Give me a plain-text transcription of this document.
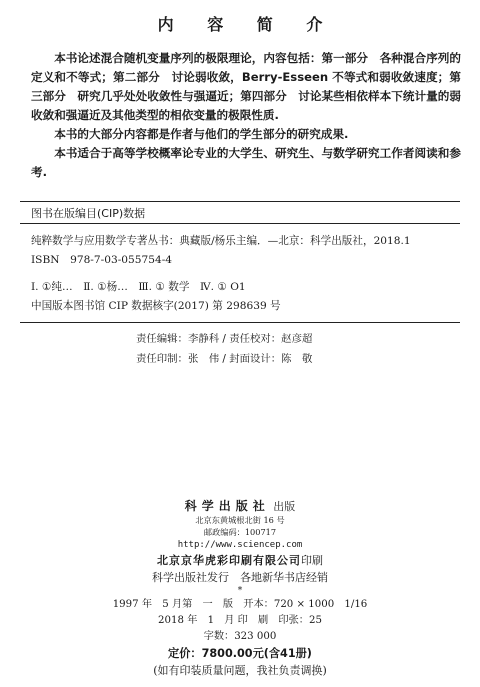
内 容 简 介

本书论述混合随机变量序列的极限理论，内容包括：第一部分　各种混合序列的定义和不等式；第二部分　讨论弱收敛，Berry-Esseen 不等式和弱收敛速度；第三部分　研究几乎处处收敛性与强逼近；第四部分　讨论某些相依样本下统计量的弱收敛和强逼近及其他类型的相依变量的极限性质.

本书的大部分内容都是作者与他们的学生部分的研究成果.

本书适合于高等学校概率论专业的大学生、研究生、与数学研究工作者阅读和参考.

图书在版编目(CIP)数据
纯粹数学与应用数学专著丛书：典藏版/杨乐主编．—北京：科学出版社，2018.1
ISBN　978-7-03-055754-4
Ⅰ. ①纯…　Ⅱ. ①杨…　Ⅲ. ① 数学　Ⅳ. ① O1
中国版本图书馆 CIP 数据核字(2017) 第 298639 号
责任编辑：李静科 / 责任校对：赵彦超
责任印制：张　伟 / 封面设计：陈　敬
科学出版社 出版
北京东黄城根北街 16 号
邮政编码：100717
http://www.sciencep.com
北京京华虎彩印刷有限公司印刷
科学出版社发行　各地新华书店经销
*
1997 年　5 月第　一　版　开本：720 × 1000　1/16
2018 年　1　月 印　刷　印张：25
字数：323 000
定价：7800.00元(含41册)
(如有印装质量问题，我社负责调换)
